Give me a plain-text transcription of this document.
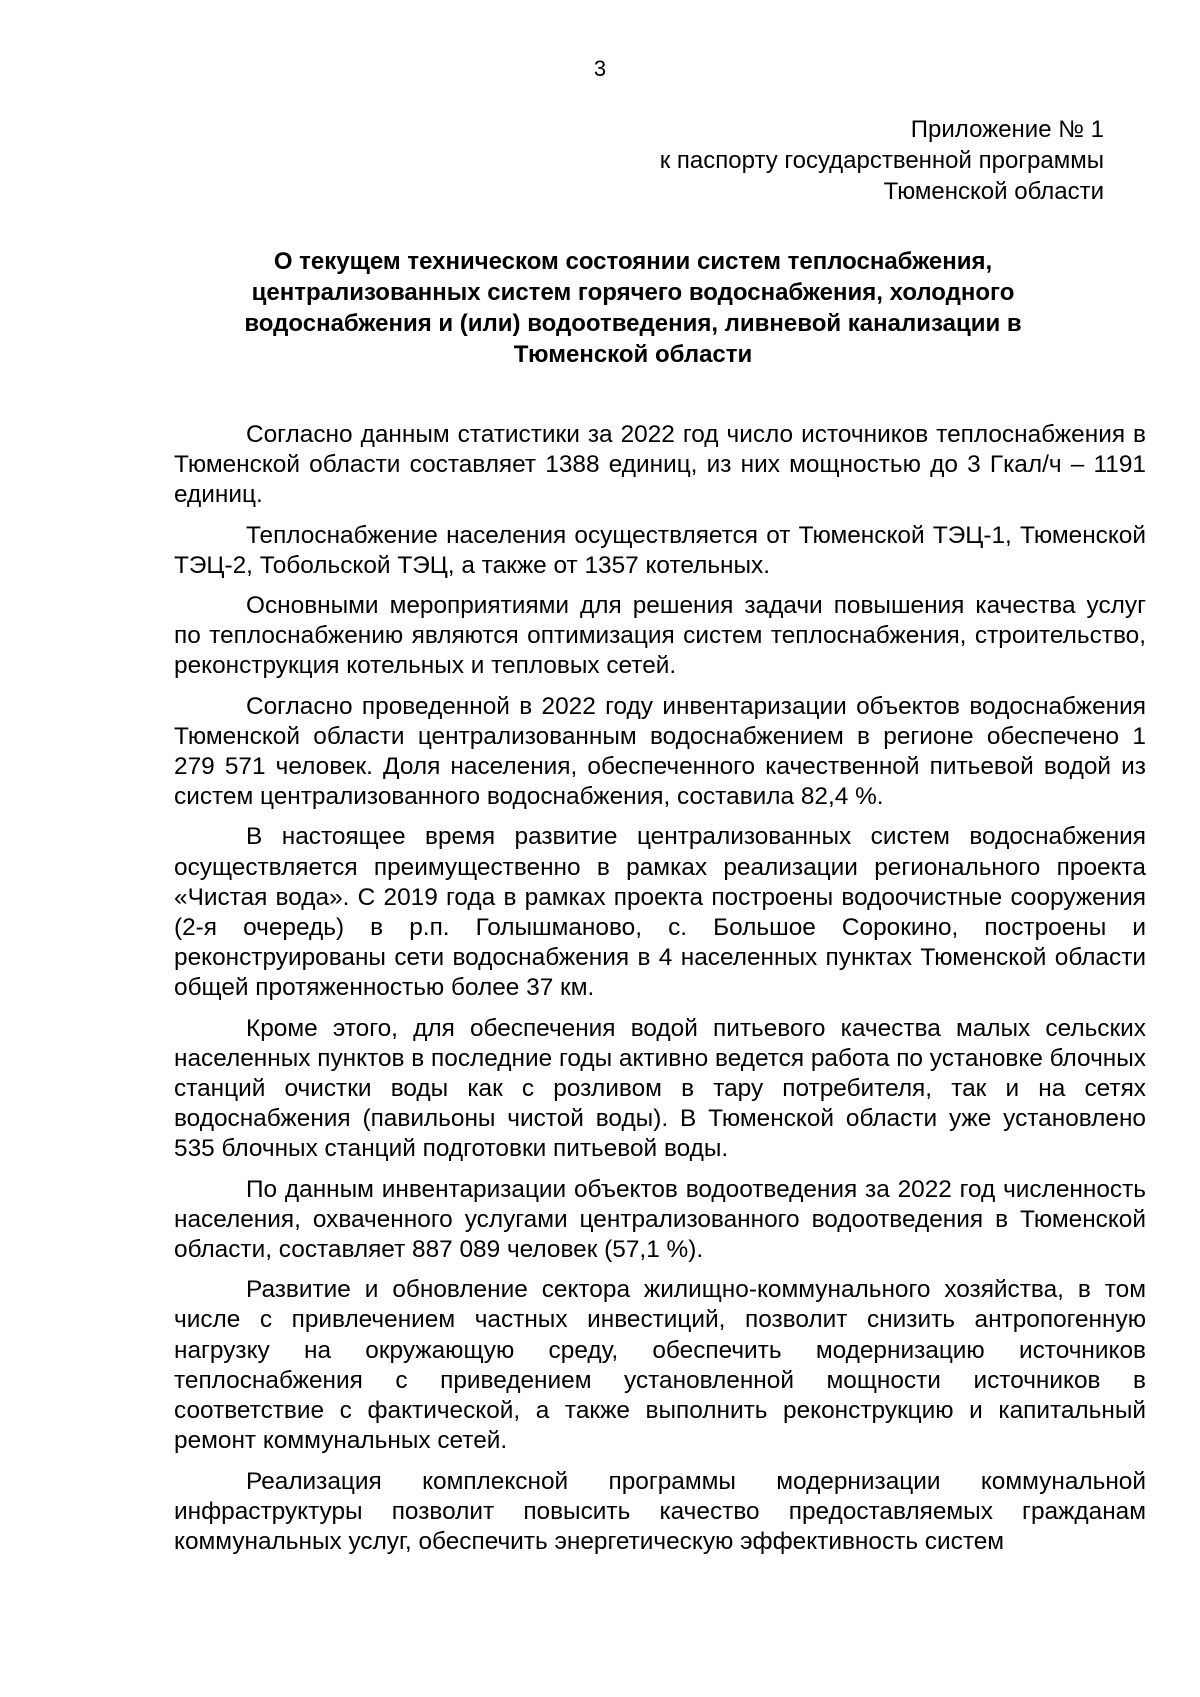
3
Приложение № 1
к паспорту государственной программы
Тюменской области
О текущем техническом состоянии систем теплоснабжения,
централизованных систем горячего водоснабжения, холодного
водоснабжения и (или) водоотведения, ливневой канализации в
Тюменской области

Согласно данным статистики за 2022 год число источников теплоснабжения в Тюменской области составляет 1388 единиц, из них мощностью до 3 Гкал/ч – 1191 единиц.

Теплоснабжение населения осуществляется от Тюменской ТЭЦ-1, Тюменской ТЭЦ-2, Тобольской ТЭЦ, а также от 1357 котельных.

Основными мероприятиями для решения задачи повышения качества услуг по теплоснабжению являются оптимизация систем теплоснабжения, строительство, реконструкция котельных и тепловых сетей.

Согласно проведенной в 2022 году инвентаризации объектов водоснабжения Тюменской области централизованным водоснабжением в регионе обеспечено 1 279 571 человек. Доля населения, обеспеченного качественной питьевой водой из систем централизованного водоснабжения, составила 82,4 %.

В настоящее время развитие централизованных систем водоснабжения осуществляется преимущественно в рамках реализации регионального проекта «Чистая вода». С 2019 года в рамках проекта построены водоочистные сооружения (2-я очередь) в р.п. Голышманово, с. Большое Сорокино, построены и реконструированы сети водоснабжения в 4 населенных пунктах Тюменской области общей протяженностью более 37 км.

Кроме этого, для обеспечения водой питьевого качества малых сельских населенных пунктов в последние годы активно ведется работа по установке блочных станций очистки воды как с розливом в тару потребителя, так и на сетях водоснабжения (павильоны чистой воды). В Тюменской области уже установлено 535 блочных станций подготовки питьевой воды.

По данным инвентаризации объектов водоотведения за 2022 год численность населения, охваченного услугами централизованного водоотведения в Тюменской области, составляет 887 089 человек (57,1 %).

Развитие и обновление сектора жилищно-коммунального хозяйства, в том числе с привлечением частных инвестиций, позволит снизить антропогенную нагрузку на окружающую среду, обеспечить модернизацию источников теплоснабжения с приведением установленной мощности источников в соответствие с фактической, а также выполнить реконструкцию и капитальный ремонт коммунальных сетей.

Реализация комплексной программы модернизации коммунальной инфраструктуры позволит повысить качество предоставляемых гражданам коммунальных услуг, обеспечить энергетическую эффективность систем
